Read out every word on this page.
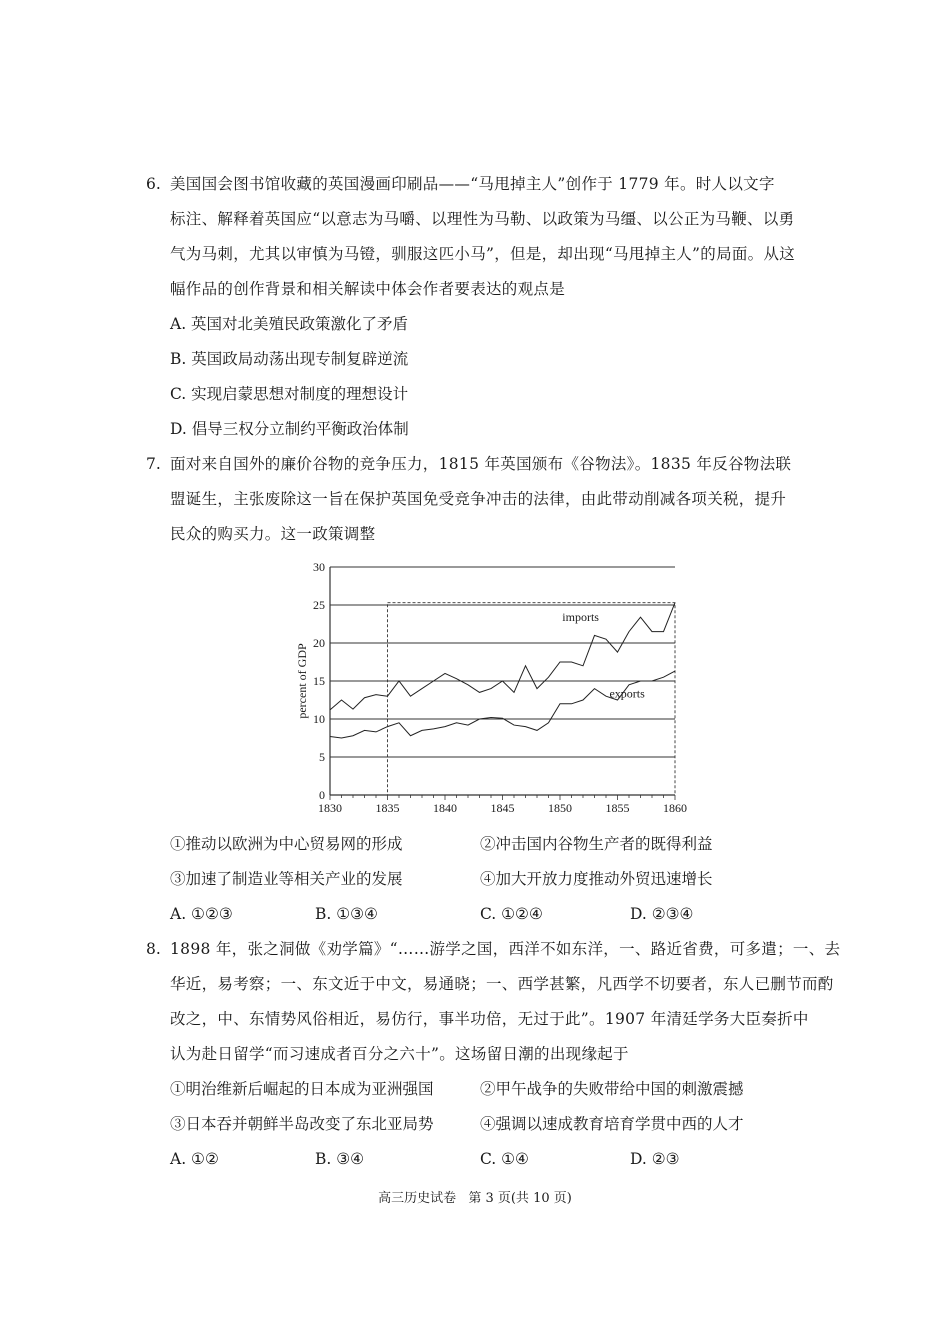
6. 美国国会图书馆收藏的英国漫画印刷品——“马甩掉主人”创作于 1779 年。时人以文字
标注、解释着英国应“以意志为马嚼、以理性为马勒、以政策为马缰、以公正为马鞭、以勇
气为马刺，尤其以审慎为马镫，驯服这匹小马”，但是，却出现“马甩掉主人”的局面。从这
幅作品的创作背景和相关解读中体会作者要表达的观点是
A. 英国对北美殖民政策激化了矛盾
B. 英国政局动荡出现专制复辟逆流
C. 实现启蒙思想对制度的理想设计
D. 倡导三权分立制约平衡政治体制
7. 面对来自国外的廉价谷物的竞争压力，1815 年英国颁布《谷物法》。1835 年反谷物法联
盟诞生，主张废除这一旨在保护英国免受竞争冲击的法律，由此带动削减各项关税，提升
民众的购买力。这一政策调整
0
5
10
15
20
25
30
1830	1835	1840	1845	1850	1855	1860
percent of GDP
imports
exports
①推动以欧洲为中心贸易网的形成	②冲击国内谷物生产者的既得利益
③加速了制造业等相关产业的发展	④加大开放力度推动外贸迅速增长
A. ①②③	B. ①③④	C. ①②④	D. ②③④
8. 1898 年，张之洞做《劝学篇》“……游学之国，西洋不如东洋，一、路近省费，可多遣；一、去
华近，易考察；一、东文近于中文，易通晓；一、西学甚繁，凡西学不切要者，东人已删节而酌
改之，中、东情势风俗相近，易仿行，事半功倍，无过于此”。1907 年清廷学务大臣奏折中
认为赴日留学“而习速成者百分之六十”。这场留日潮的出现缘起于
①明治维新后崛起的日本成为亚洲强国	②甲午战争的失败带给中国的刺激震撼
③日本吞并朝鲜半岛改变了东北亚局势	④强调以速成教育培育学贯中西的人才
A. ①②	B. ③④	C. ①④	D. ②③
高三历史试卷 第 3 页(共 10 页)
